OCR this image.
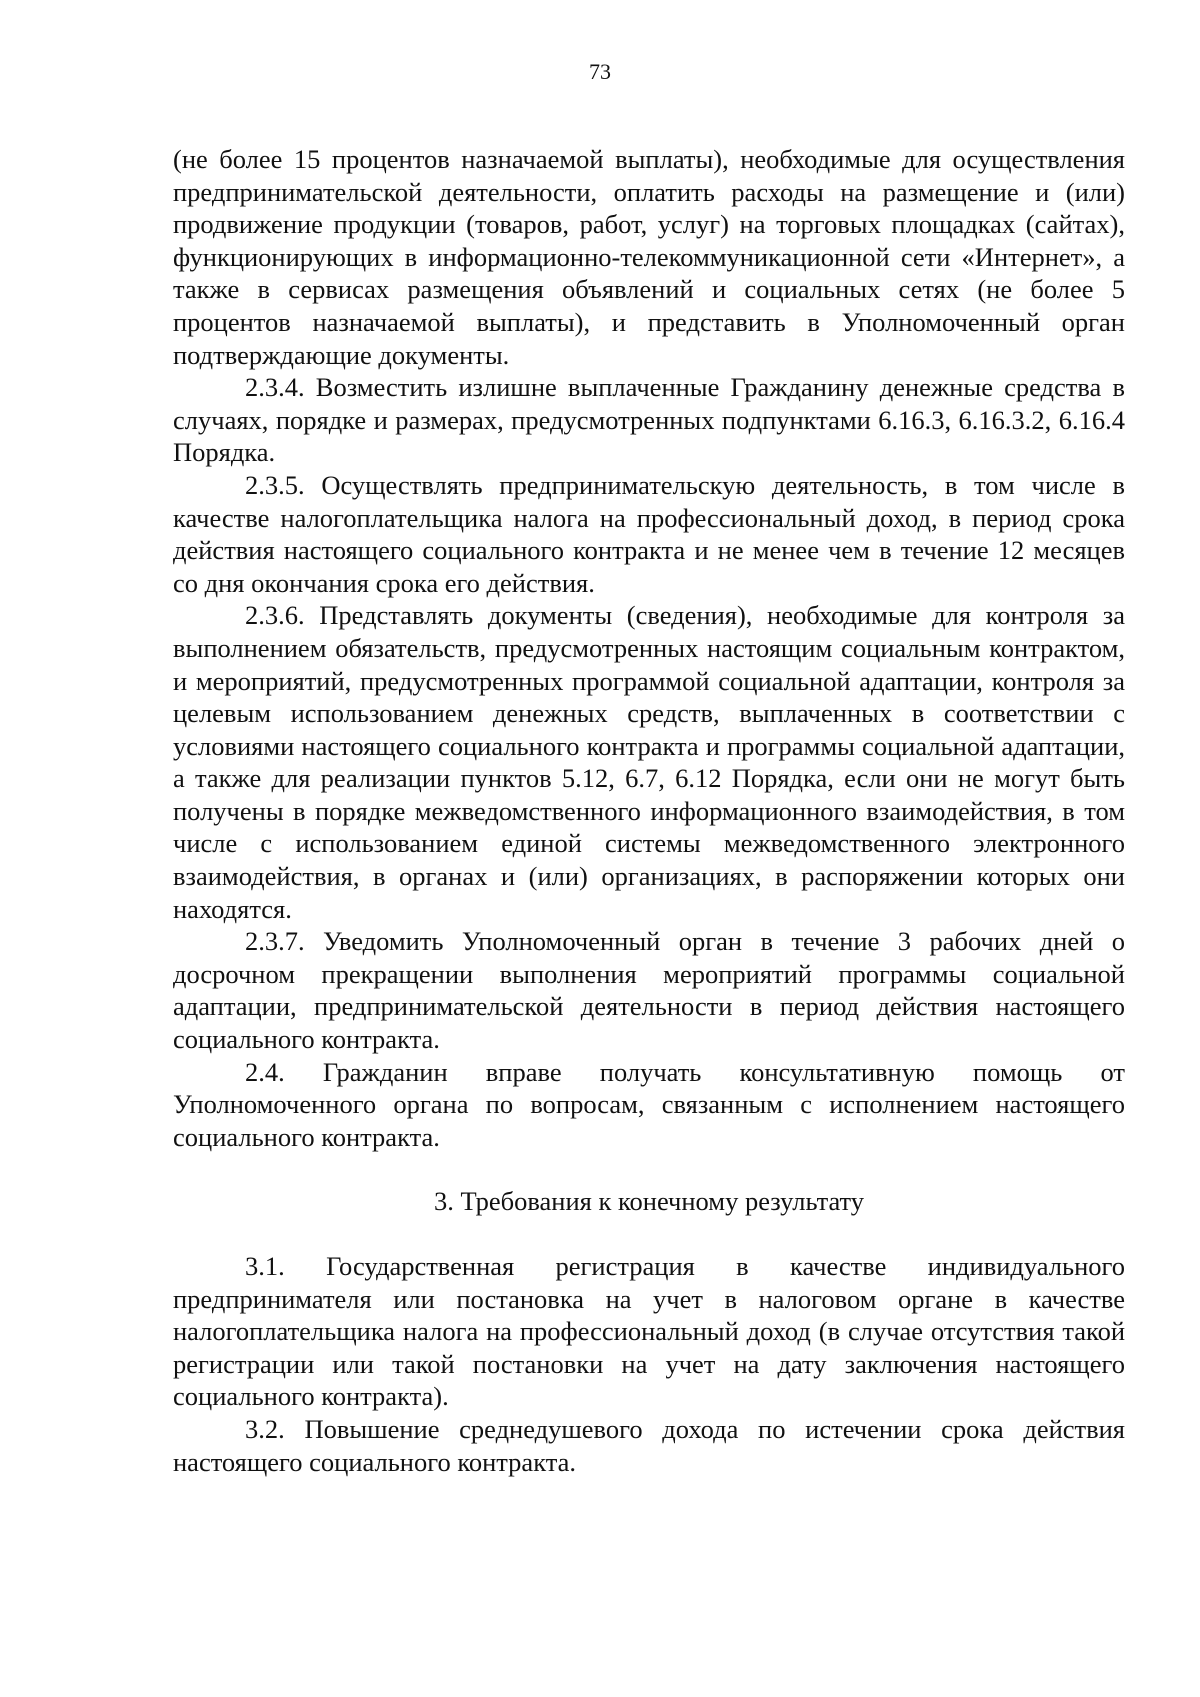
73

(не более 15 процентов назначаемой выплаты), необходимые для осуществления предпринимательской деятельности, оплатить расходы на размещение и (или) продвижение продукции (товаров, работ, услуг) на торговых площадках (сайтах), функционирующих в информационно-телекоммуникационной сети «Интернет», а также в сервисах размещения объявлений и социальных сетях (не более 5 процентов назначаемой выплаты), и представить в Уполномоченный орган подтверждающие документы.

2.3.4. Возместить излишне выплаченные Гражданину денежные средства в случаях, порядке и размерах, предусмотренных подпунктами 6.16.3, 6.16.3.2, 6.16.4 Порядка.

2.3.5. Осуществлять предпринимательскую деятельность, в том числе в качестве налогоплательщика налога на профессиональный доход, в период срока действия настоящего социального контракта и не менее чем в течение 12 месяцев со дня окончания срока его действия.

2.3.6. Представлять документы (сведения), необходимые для контроля за выполнением обязательств, предусмотренных настоящим социальным контрактом, и мероприятий, предусмотренных программой социальной адаптации, контроля за целевым использованием денежных средств, выплаченных в соответствии с условиями настоящего социального контракта и программы социальной адаптации, а также для реализации пунктов 5.12, 6.7, 6.12 Порядка, если они не могут быть получены в порядке межведомственного информационного взаимодействия, в том числе с использованием единой системы межведомственного электронного взаимодействия, в органах и (или) организациях, в распоряжении которых они находятся.

2.3.7. Уведомить Уполномоченный орган в течение 3 рабочих дней о досрочном прекращении выполнения мероприятий программы социальной адаптации, предпринимательской деятельности в период действия настоящего социального контракта.

2.4. Гражданин вправе получать консультативную помощь от Уполномоченного органа по вопросам, связанным с исполнением настоящего социального контракта.

3. Требования к конечному результату

3.1. Государственная регистрация в качестве индивидуального предпринимателя или постановка на учет в налоговом органе в качестве налогоплательщика налога на профессиональный доход (в случае отсутствия такой регистрации или такой постановки на учет на дату заключения настоящего социального контракта).

3.2. Повышение среднедушевого дохода по истечении срока действия настоящего социального контракта.
